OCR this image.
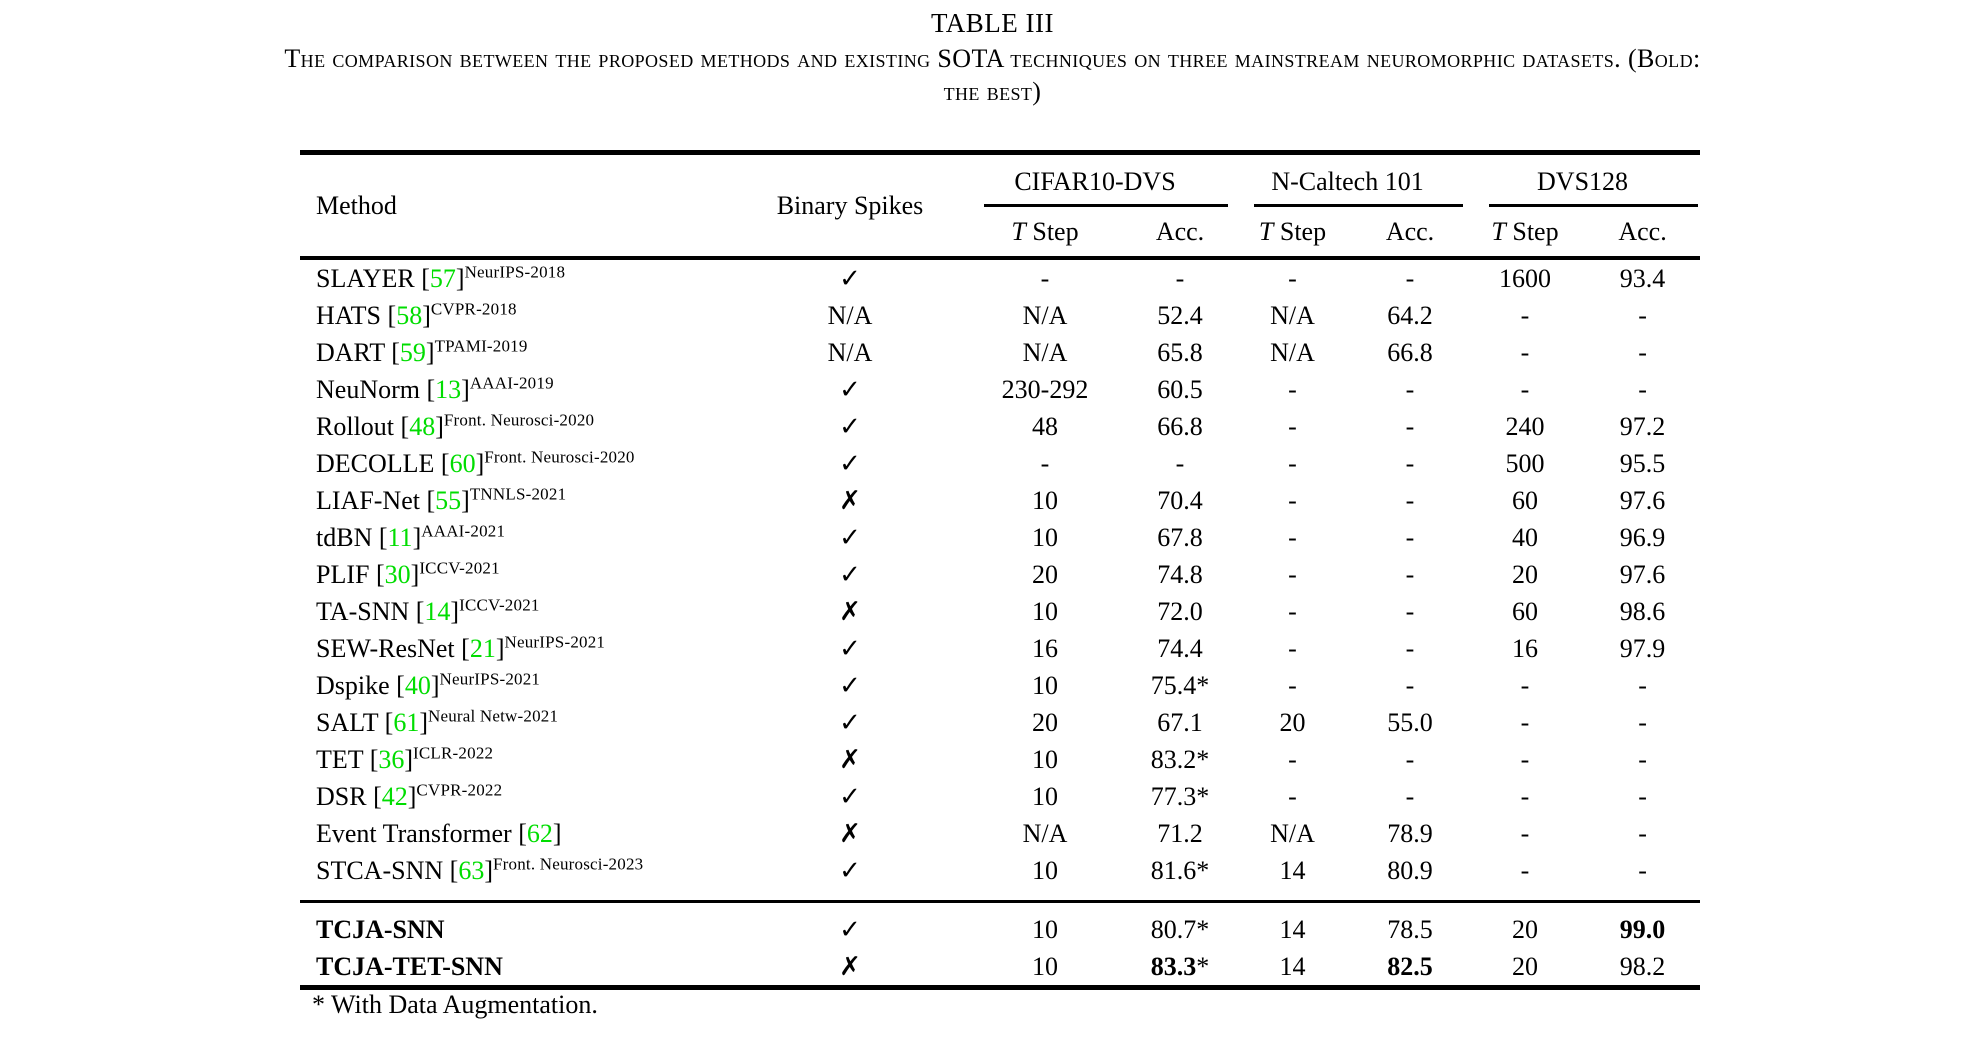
TABLE III
The comparison between the proposed methods and existing SOTA techniques on three mainstream neuromorphic datasets. (Bold:
the best)
Method	Binary Spikes	CIFAR10-DVS		N-Caltech 101		DVS128	

		T Step	Acc.	T Step	Acc.	T Step	Acc.
SLAYER $[57]^{NeurIPS-2018}$	✓	-	-	-	-	1600	93.4
HATS $[58]^{CVPR-2018}$	N/A	N/A	52.4	N/A	64.2	-	-
DART $[59]^{TPAMI-2019}$	N/A	N/A	65.8	N/A	66.8	-	-
NeuNorm $[13]^{AAAI-2019}$	✓	230-292	60.5	-	-	-	-
Rollout $[48]^{Front. Neurosci-2020}$	✓	48	66.8	-	-	240	97.2
DECOLLE $[60]^{Front. Neurosci-2020}$	✓	-	-	-	-	500	95.5
LIAF-Net $[55]^{TNNLS-2021}$	✗	10	70.4	-	-	60	97.6
tdBN $[11]^{AAAI-2021}$	✓	10	67.8	-	-	40	96.9
PLIF $[30]^{ICCV-2021}$	✓	20	74.8	-	-	20	97.6
TA-SNN $[14]^{ICCV-2021}$	✗	10	72.0	-	-	60	98.6
SEW-ResNet $[21]^{NeurIPS-2021}$	✓	16	74.4	-	-	16	97.9
Dspike $[40]^{NeurIPS-2021}$	✓	10	75.4*	-	-	-	-
SALT $[61]^{Neural Netw-2021}$	✓	20	67.1	20	55.0	-	-
TET $[36]^{ICLR-2022}$	✗	10	83.2*	-	-	-	-
DSR $[42]^{CVPR-2022}$	✓	10	77.3*	-	-	-	-
Event Transformer [62]	✗	N/A	71.2	N/A	78.9	-	-
STCA-SNN $[63]^{Front. Neurosci-2023}$	✓	10	81.6*	14	80.9	-	-

TCJA-SNN	✓	10	80.7*	14	78.5	20	99.0
TCJA-TET-SNN	✗	10	83.3*	14	82.5	20	98.2
* With Data Augmentation.
